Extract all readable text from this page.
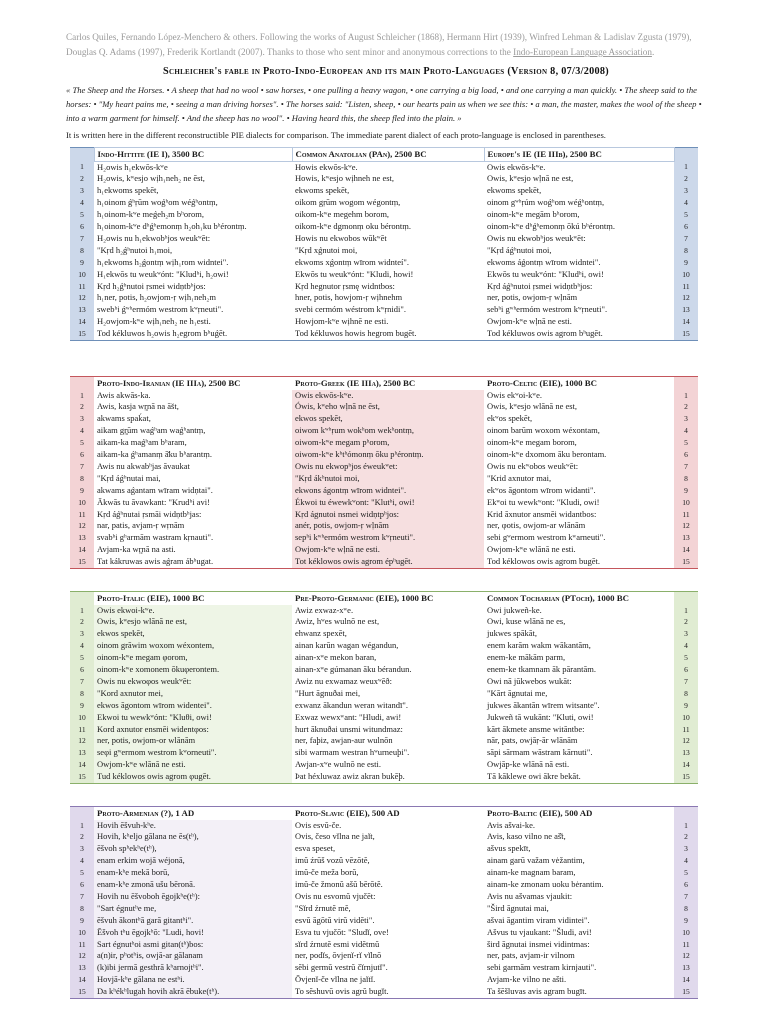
Carlos Quiles, Fernando López-Menchero & others. Following the works of August Schleicher (1868), Hermann Hirt (1939), Winfred Lehman & Ladislav Zgusta (1979), Douglas Q. Adams (1997), Frederik Kortlandt (2007). Thanks to those who sent minor and anonymous corrections to the Indo-European Language Association.
Schleicher's fable in Proto-Indo-European and its main Proto-Languages (Version 8, 07/3/2008)
« The Sheep and the Horses. • A sheep that had no wool • saw horses, • one pulling a heavy wagon, • one carrying a big load, • and one carrying a man quickly. • The sheep said to the horses: • "My heart pains me, • seeing a man driving horses". • The horses said: "Listen, sheep, • our hearts pain us when we see this: • a man, the master, makes the wool of the sheep • into a warm garment for himself. • And the sheep has no wool". • Having heard this, the sheep fled into the plain. »
It is written here in the different reconstructible PIE dialects for comparison. The immediate parent dialect of each proto-language is enclosed in parentheses.
	Indo-Hittite (IE I), 3500 BC	Common Anatolian (PAn), 2500 BC	Europe's IE (IE IIIb), 2500 BC	
1	H₂owis h₁ekwōs-kʷe	Howis ekwōs-kʷe.	Owis ekwōs-kʷe.	1
2	H₂owis, kʷesjo wịh₁neh₂ ne ēst,	Howis, kʷesjo wịhneh ne est,	Owis, kʷesjo wḷnā ne est,	2
3	h₁ekwoms spekēt,	ekwoms spekēt,	ekwoms spekēt,	3
4	h₁oinom ǵʰṛūm woǵʰom wéǵʰontṃ,	oikom gṛūm wogom wégontṃ,	oinom gʷʰṛúm woǵʰom wéǵʰontṃ,	4
5	h₁oinom-kʷe meǵeh₂m bʰorom,	oikom-kʷe megehm borom,	oinom-kʷe megām bʰorom,	5
6	h₁oinom-kʷe dʰǵʰemonṃ h₂oh₁ku bʰérontṃ.	oikom-kʷe dgmonṃ oku bérontṃ.	oinom-kʷe dʰǵʰemonṃ ōkú bʰérontṃ.	6
7	H₂owis nu h₁ekwobʰjos weukʷēt:	Howis nu ekwobos wūkʷēt	Owis nu ekwobʰjos weukʷēt:	7
8	"Kṛd h₂ǵʰnutoi h₁moi,	"Kṛd xǵnutoi moi,	"Kṛd áǵʰnutoi moi,	8
9	h₁ekwoms h₂ǵontṃ wịh₁rom widntei".	ekwoms xǵontṃ wīrom widnteí".	ekwoms áǵontṃ wīrom widntei".	9
10	H₁ekwōs tu weukʷónt: "Kludʰi, h₂owi!	Ekwōs tu weukʷónt: "Kludi, howi!	Ekwōs tu weukʷónt: "Kludʰi, owi!	10
11	Kṛd h₂ǵʰnutoi ṛsmei widṇtbʰjos:	Kṛd hegnutor ṛsmę widntbos:	Kṛd áǵʰnutoi ṛsmei widṇtbʰjos:	11
12	h₁ner, potis, h₂owjom-ṛ wịh₁neh₂m	hner, potis, howjom-ṛ wịhnehm	ner, potis, owjom-ṛ wḷnām	12
13	swebʰi ǵʷʰermóm westrom kʷṛneuti".	svebi cermóm wéstrom kʷṛnidi".	sebʰi gʷʰermóm westrom kʷṛneuti".	13
14	H₂owjom-kʷe wịh₁neh₂ ne h₁esti.	Howjom-kʷe wịhnē ne esti.	Owjom-kʷe wḷnā ne esti.	14
15	Tod kékluwos h₂owis h₂egrom bʰuǵēt.	Tod kékluwos howis hegrom bugēt.	Tod kékluwos owis agrom bʰugēt.	15
	Proto-Indo-Iranian (IE IIIa), 2500 BC	Proto-Greek (IE IIIa), 2500 BC	Proto-Celtic (EIE), 1000 BC	
1	Awis akwās-ka.	Owis ekwōs-kʷe.	Owis ekʷoi-kʷe.	1
2	Awis, kasja wṛ̥nā na ās̆t,	Ówis, kʷeho wḷnā ne ēst,	Owis, kʷesjo wlānā ne est,	2
3	akwams spaḱat,	ekwos spekēt,	ekʷos spekēt,	3
4	aikam gṛ̥ūm waǵʰam waǵʰantṃ,	oiwom kʷʰṛum wokʰom wekʰontṃ,	oinom barūm woxom wéxontam,	4
5	aikam-ka maǵʰam bʰaram,	oiwom-kʷe megam pʰorom,	oinom-kʷe megam borom,	5
6	aikam-ka ǵʰamanṃ ā̆ku bʰarantṃ.	oiwom-kʷe kʰtʰómonṃ ōku pʰérontṃ.	oinom-kʷe dxomom āku berontam.	6
7	Awis nu akwabʰjas āvaukat	Owis nu ekwopʰjos éweukʷet:	Owis nu ekʷobos weukʷēt:	7
8	"Kṛd áǵʰnutai mai,	"Kṛd ákʰnutoi moi,	"Krid axnutor mai,	8
9	akwams aǵantam wīram widṇtai".	ekwons ágontṃ wīrom widntei".	ekʷos āgontom wīrom widanti".	9
10	Ākwās tu āvawkant: "Krudʰi avi!	Ékwoi tu éwewkʷont: "Klutʰi, owi!	Ekʷoi tu wewkʷont: "Kludi, owi!	10
11	Kṛd áǵʰnutai ṛsmāi widṇtbʰjas:	Kṛd ágnutoi nsmei widṇtpʰjos:	Krid āxnutor ansmēi widantbos:	11
12	nar, patis, avjam-ṛ wṛnām	anér, potis, owjom-ṛ wḷnām	ner, φotis, owjom-ar wlānām	12
13	svabʰi gʰarmām wastram kṛnauti".	sepʰi kʷʰermóm westrom kʷṛneuti".	sebi gʷermom westrom kʷarneuti".	13
14	Avjam-ka wṛ̥nā na asti.	Owjom-kʷe wḷnā ne esti.	Owjom-kʷe wlānā ne esti.	14
15	Tat kákruwas awis aǵram ábʰugat.	Tot kéklowos owis agrom épʰugēt.	Tod kéklowos owis agrom bugēt.	15
	Proto-Italic (EIE), 1000 BC	Pre-Proto-Germanic (EIE), 1000 BC	Common Tocharian (PToch), 1000 BC	
1	Owis ekwoi-kʷe.	Awiz exwaz-xʷe.	Owi jukweñ-ke.	1
2	Owis, kʷesjo wlānā ne est,	Awiz, hʷes wulnō ne est,	Owi, kuse wlānā ne es,	2
3	ekwos spekēt,	ehwanz spexēt,	jukwes spākāt,	3
4	oinom grāwim woxom wéxontem,	ainan karūn wagan wégandun,	enem karām wakm wākantām,	4
5	oinom-kʷe megam φorom,	ainan-xʷe mekon baran,	enem-ke mākām parm,	5
6	oinom-kʷe xomonem ōkuφerontem.	ainan-xʷe gúmanan āku bérandun.	enem-ke tkamnam āk pārantām.	6
7	Owis nu ekwoφos weukʷēt:	Awiz nu exwamaz weuxʷēð:	Owi nā jūkwebos wukāt:	7
8	"Kord axnutor mei,	"Hurt āgnuðai mei,	"Kārt āgnutai me,	8
9	ekwos āgontom wīrom widentei".	exwanz ākandun weran witandī".	jukwes ākantān wīrem witsante".	9
10	Ekwoi tu wewkʷónt: "Kluθi, owi!	Exwaz wewxʷant: "Hludi, awi!	Jukweñ tā wukānt: "Kluti, owi!	10
11	Kord axnutor ensmēi widentφos:	hurt āknuðai unsmi witundmaz:	kārt ākmete ansme witāntbe:	11
12	ner, potis, owjom-or wlānām	ner, faþiz, awjan-aur wulnōn	nār, pats, owjāṛ-ār wlānām	12
13	seφi gʷermom westrom kʷorneuti".	sibi warmam westran hʷurneuþi".	sāpi sārmam wāstram kārnuti".	13
14	Owjom-kʷe wlānā ne esti.	Awjan-xʷe wulnō ne esti.	Owjāp-ke wlānā nā esti.	14
15	Tud kéklowos owis agrom φugēt.	Þat héxluwaz awiz akran bukēþ.	Tā kāklewe owi ākre bekāt.	15
	Proto-Armenian (?), 1 AD	Proto-Slavic (EIE), 500 AD	Proto-Baltic (EIE), 500 AD	
1	Hovih ēšvuh-kʰe.	Ovis esvŭ-če.	Avis ašvai-ke.	1
2	Hovih, kʰeljo gālana ne ēs(tʰ),	Ovis, česo vĭlna ne jaĭt,	Avis, kaso vilno ne aš̌t,	2
3	ēšvoh spʰekʰe(tʰ),	esva speset,	ašvus spekīt,	3
4	enam erkim wojā wéjonā,	imŭ źrūš vozŭ vēzōtĕ,	ainam garū važam vėžantim,	4
5	enam-kʰe mekā borū,	imŭ-če meža borŭ,	ainam-ke magnam baram,	5
6	enam-kʰe zmonā ušu bēronā.	imŭ-če žmonŭ ašŭ bērōtĕ.	ainam-ke zmonam uoku bėrantim.	6
7	Hovih nu ēšvoboh ēgojkʰe(tʰ):	Ovis nu esvomŭ vjučēt:	Avis nu ašvamas vjaukit:	7
8	"Sart égnutʰe me,	"Sĭrd źrnutĕ mĕ,	"Šird āgnutai mai,	8
9	ēšvuh ākontʰā garā gitantʰi".	esvŭ āgōtŭ virŭ vidĕti".	ašvai āgantim viram vidintei".	9
10	Ēšvoh tʰu ēgojkʰō: "Ludi, hovi!	Esva tu vjučōt: "Sludĭ, ove!	Ašvus tu vjaukant: "Šludi, avi!	10
11	Sart égnutʰoi asmi gitan(tʰ)bos:	sĭrd źrnutĕ esmi vidĕtmŭ	šird āgnutai insmei vidintmas:	11
12	a(n)ir, pʰotʰis, owjā-ar gālanam	ner, podĭs, ōvjenĭ-rĭ vĭlnō	ner, pats, avjam-ir vilnom	12
13	(k)ibi jermā gesthrā kʰarnojtʰi".	sĕbi germŭ vestrŭ čĭrnjutĭ".	sebi garmām vestram kirnjauti".	13
14	Hovjā-kʰe gālana ne estʰi.	Ōvjenĭ-če vĭlna ne jaĭtĭ.	Avjam-ke vilno ne ašti.	14
15	Da kʰékʰlugah hovih akrā ēbuke(tʰ).	To sĕshuvū ovis agrŭ bugĭt.	Ta šēšluvas avis agram bugīt.	15
